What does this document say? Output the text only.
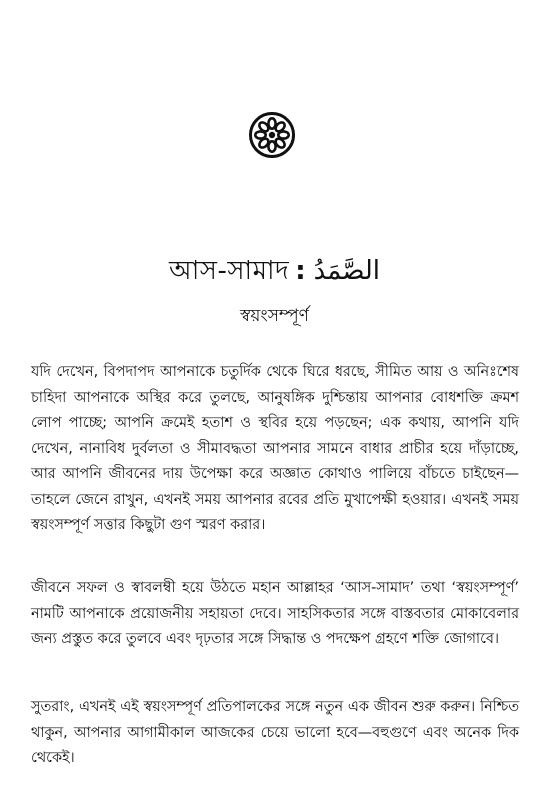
আস-সামাদ : الصَّمَدُ
স্বয়ংসম্পূর্ণ

যদি দেখেন, বিপদাপদ আপনাকে চতুর্দিক থেকে ঘিরে ধরছে, সীমিত আয় ও অনিঃশেষ চাহিদা আপনাকে অস্থির করে তুলছে, আনুষঙ্গিক দুশ্চিন্তায় আপনার বোধশক্তি ক্রমশ লোপ পাচ্ছে; আপনি ক্রমেই হতাশ ও স্থবির হয়ে পড়ছেন; এক কথায়, আপনি যদি দেখেন, নানাবিধ দুর্বলতা ও সীমাবদ্ধতা আপনার সামনে বাধার প্রাচীর হয়ে দাঁড়াচ্ছে, আর আপনি জীবনের দায় উপেক্ষা করে অজ্ঞাত কোথাও পালিয়ে বাঁচতে চাইছেন—তাহলে জেনে রাখুন, এখনই সময় আপনার রবের প্রতি মুখাপেক্ষী হওয়ার। এখনই সময় স্বয়ংসম্পূর্ণ সত্তার কিছুটা গুণ স্মরণ করার।

জীবনে সফল ও স্বাবলম্বী হয়ে উঠতে মহান আল্লাহর ‘আস-সামাদ’ তথা ‘স্বয়ংসম্পূর্ণ’ নামটি আপনাকে প্রয়োজনীয় সহায়তা দেবে। সাহসিকতার সঙ্গে বাস্তবতার মোকাবেলার জন্য প্রস্তুত করে তুলবে এবং দৃঢ়তার সঙ্গে সিদ্ধান্ত ও পদক্ষেপ গ্রহণে শক্তি জোগাবে।

সুতরাং, এখনই এই স্বয়ংসম্পূর্ণ প্রতিপালকের সঙ্গে নতুন এক জীবন শুরু করুন। নিশ্চিত থাকুন, আপনার আগামীকাল আজকের চেয়ে ভালো হবে—বহুগুণে এবং অনেক দিক থেকেই।
